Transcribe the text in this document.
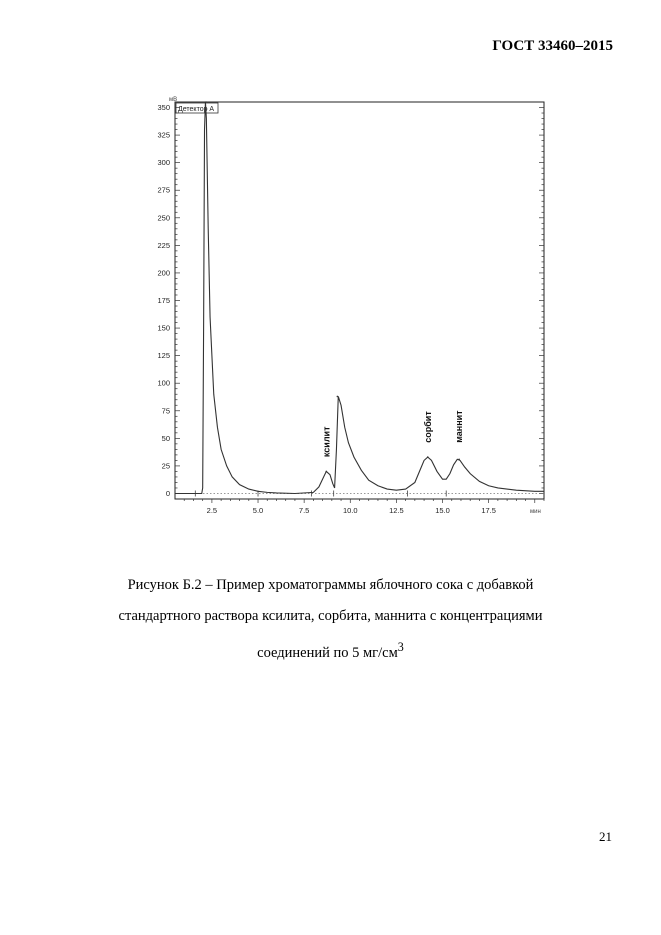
ГОСТ 33460–2015
Детектор A
мВ
мин
0
25
50
75
100
125
150
175
200
225
250
275
300
325
350
2.5	5.0	7.5	10.0	12.5	15.0	17.5
ксилит	сорбит маннит
Рисунок Б.2 – Пример хроматограммы яблочного сока с добавкой
стандартного раствора ксилита, сорбита, маннита с концентрациями
соединений по 5 $мг/см^3$
21
